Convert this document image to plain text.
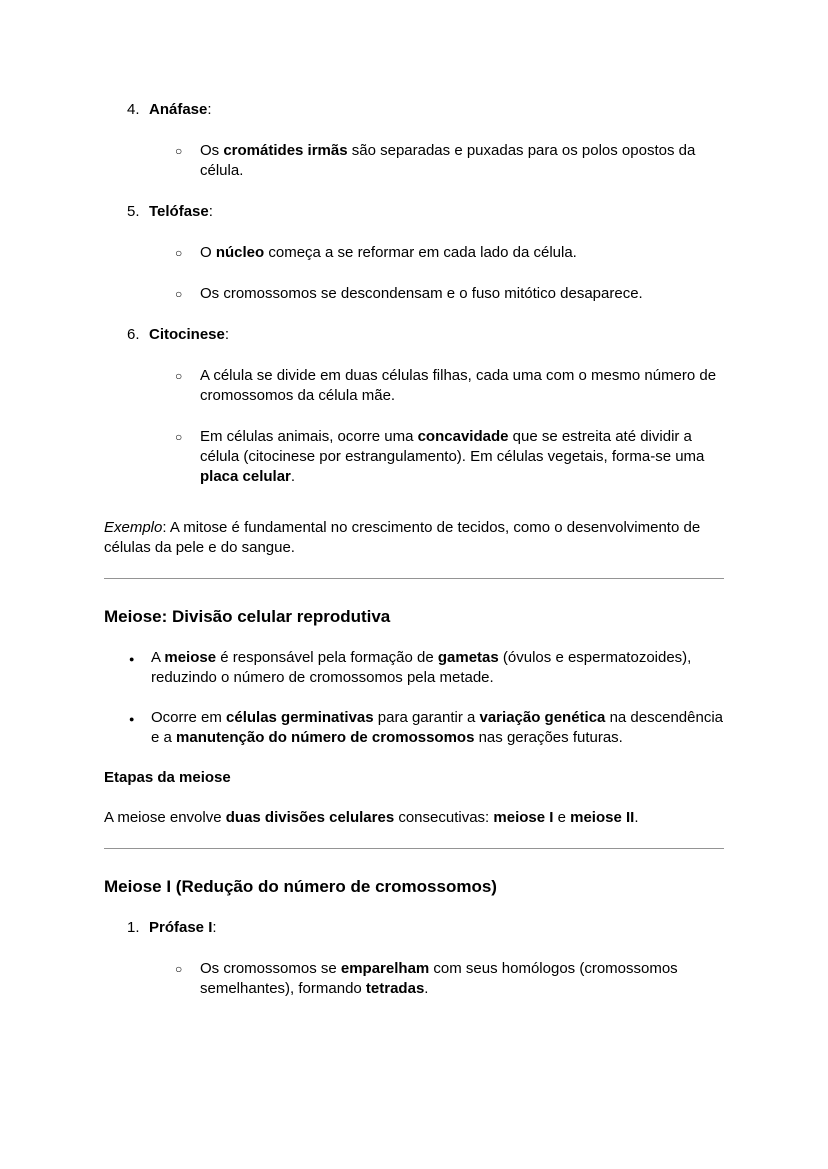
4. Anáfase:
○
Os cromátides irmãs são separadas e puxadas para os polos opostos da célula.
5. Telófase:
○
O núcleo começa a se reformar em cada lado da célula.
○
Os cromossomos se descondensam e o fuso mitótico desaparece.
6. Citocinese:
○
A célula se divide em duas células filhas, cada uma com o mesmo número de cromossomos da célula mãe.
○
Em células animais, ocorre uma concavidade que se estreita até dividir a célula (citocinese por estrangulamento). Em células vegetais, forma-se uma placa celular.

Exemplo: A mitose é fundamental no crescimento de tecidos, como o desenvolvimento de células da pele e do sangue.

Meiose: Divisão celular reprodutiva
●
A meiose é responsável pela formação de gametas (óvulos e espermatozoides), reduzindo o número de cromossomos pela metade.
●
Ocorre em células germinativas para garantir a variação genética na descendência e a manutenção do número de cromossomos nas gerações futuras.
Etapas da meiose

A meiose envolve duas divisões celulares consecutivas: meiose I e meiose II.

Meiose I (Redução do número de cromossomos)
1. Prófase I:
○
Os cromossomos se emparelham com seus homólogos (cromossomos semelhantes), formando tetradas.
